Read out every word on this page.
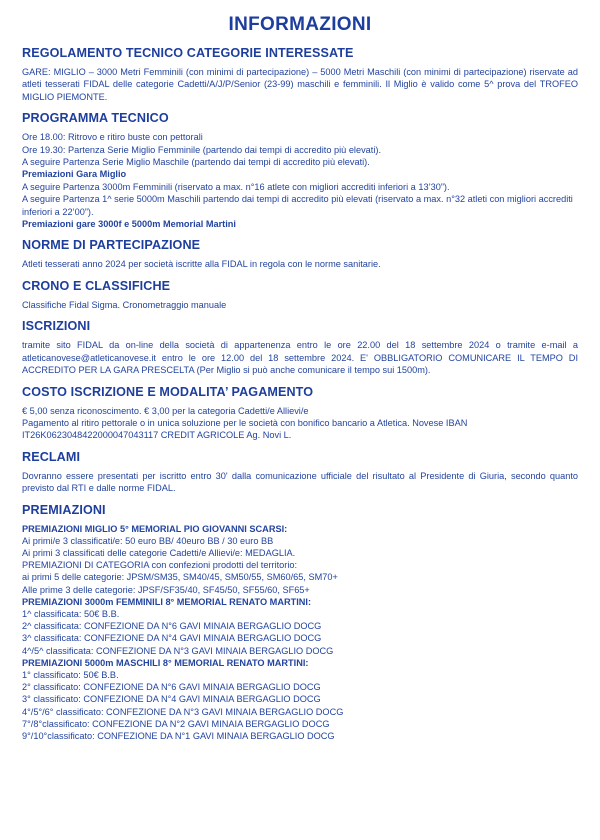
INFORMAZIONI
REGOLAMENTO TECNICO CATEGORIE INTERESSATE
GARE: MIGLIO – 3000 Metri Femminili (con minimi di partecipazione) – 5000 Metri Maschili (con minimi di partecipazione) riservate ad atleti tesserati FIDAL delle categorie Cadetti/A/J/P/Senior (23-99) maschili e femminili. Il Miglio è valido come 5^ prova del TROFEO MIGLIO PIEMONTE.
PROGRAMMA TECNICO
Ore 18.00: Ritrovo e ritiro buste con pettorali
Ore 19.30: Partenza Serie Miglio Femminile (partendo dai tempi di accredito più elevati).
A seguire Partenza Serie Miglio Maschile (partendo dai tempi di accredito più elevati).
Premiazioni Gara Miglio
A seguire Partenza 3000m Femminili (riservato a max. n°16 atlete con migliori accrediti inferiori a 13’30”).
A seguire Partenza 1^ serie 5000m Maschili partendo dai tempi di accredito più elevati (riservato a max. n°32 atleti con migliori accrediti inferiori a 22’00”).
Premiazioni gare 3000f e 5000m Memorial Martini
NORME DI PARTECIPAZIONE
Atleti tesserati anno 2024 per società iscritte alla FIDAL in regola con le norme sanitarie.
CRONO E CLASSIFICHE
Classifiche Fidal Sigma. Cronometraggio manuale
ISCRIZIONI
tramite sito FIDAL da on-line della società di appartenenza entro le ore 22.00 del 18 settembre 2024 o tramite e-mail a atleticanovese@atleticanovese.it entro le ore 12.00 del 18 settembre 2024. E' OBBLIGATORIO COMUNICARE IL TEMPO DI ACCREDITO PER LA GARA PRESCELTA (Per Miglio si può anche comunicare il tempo sui 1500m).
COSTO ISCRIZIONE E MODALITA’ PAGAMENTO
€ 5,00 senza riconoscimento. € 3,00 per la categoria Cadetti/e Allievi/e
Pagamento al ritiro pettorale o in unica soluzione per le società con bonifico bancario a Atletica. Novese IBAN IT26K0623048422000047043117 CREDIT AGRICOLE Ag. Novi L.
RECLAMI
Dovranno essere presentati per iscritto entro 30' dalla comunicazione ufficiale del risultato al Presidente di Giuria, secondo quanto previsto dal RTI e dalle norme FIDAL.
PREMIAZIONI
PREMIAZIONI MIGLIO 5° MEMORIAL PIO GIOVANNI SCARSI:
Ai primi/e 3 classificati/e: 50 euro BB/ 40euro BB / 30 euro BB
Ai primi 3 classificati delle categorie Cadetti/e Allievi/e: MEDAGLIA.
PREMIAZIONI DI CATEGORIA con confezioni prodotti del territorio:
ai primi 5 delle categorie: JPSM/SM35, SM40/45, SM50/55, SM60/65, SM70+
Alle prime 3 delle categorie: JPSF/SF35/40, SF45/50, SF55/60, SF65+
PREMIAZIONI 3000m FEMMINILI 8° MEMORIAL RENATO MARTINI:
1^ classificata: 50€ B.B.
2^ classificata: CONFEZIONE DA N°6 GAVI MINAIA BERGAGLIO DOCG
3^ classificata: CONFEZIONE DA N°4 GAVI MINAIA BERGAGLIO DOCG
4^/5^ classificata: CONFEZIONE DA N°3 GAVI MINAIA BERGAGLIO DOCG
PREMIAZIONI 5000m MASCHILI 8° MEMORIAL RENATO MARTINI:
1° classificato: 50€ B.B.
2° classificato: CONFEZIONE DA N°6 GAVI MINAIA BERGAGLIO DOCG
3° classificato: CONFEZIONE DA N°4 GAVI MINAIA BERGAGLIO DOCG
4°/5°/6° classificato: CONFEZIONE DA N°3 GAVI MINAIA BERGAGLIO DOCG
7°/8°classificato: CONFEZIONE DA N°2 GAVI MINAIA BERGAGLIO DOCG
9°/10°classificato: CONFEZIONE DA N°1 GAVI MINAIA BERGAGLIO DOCG
